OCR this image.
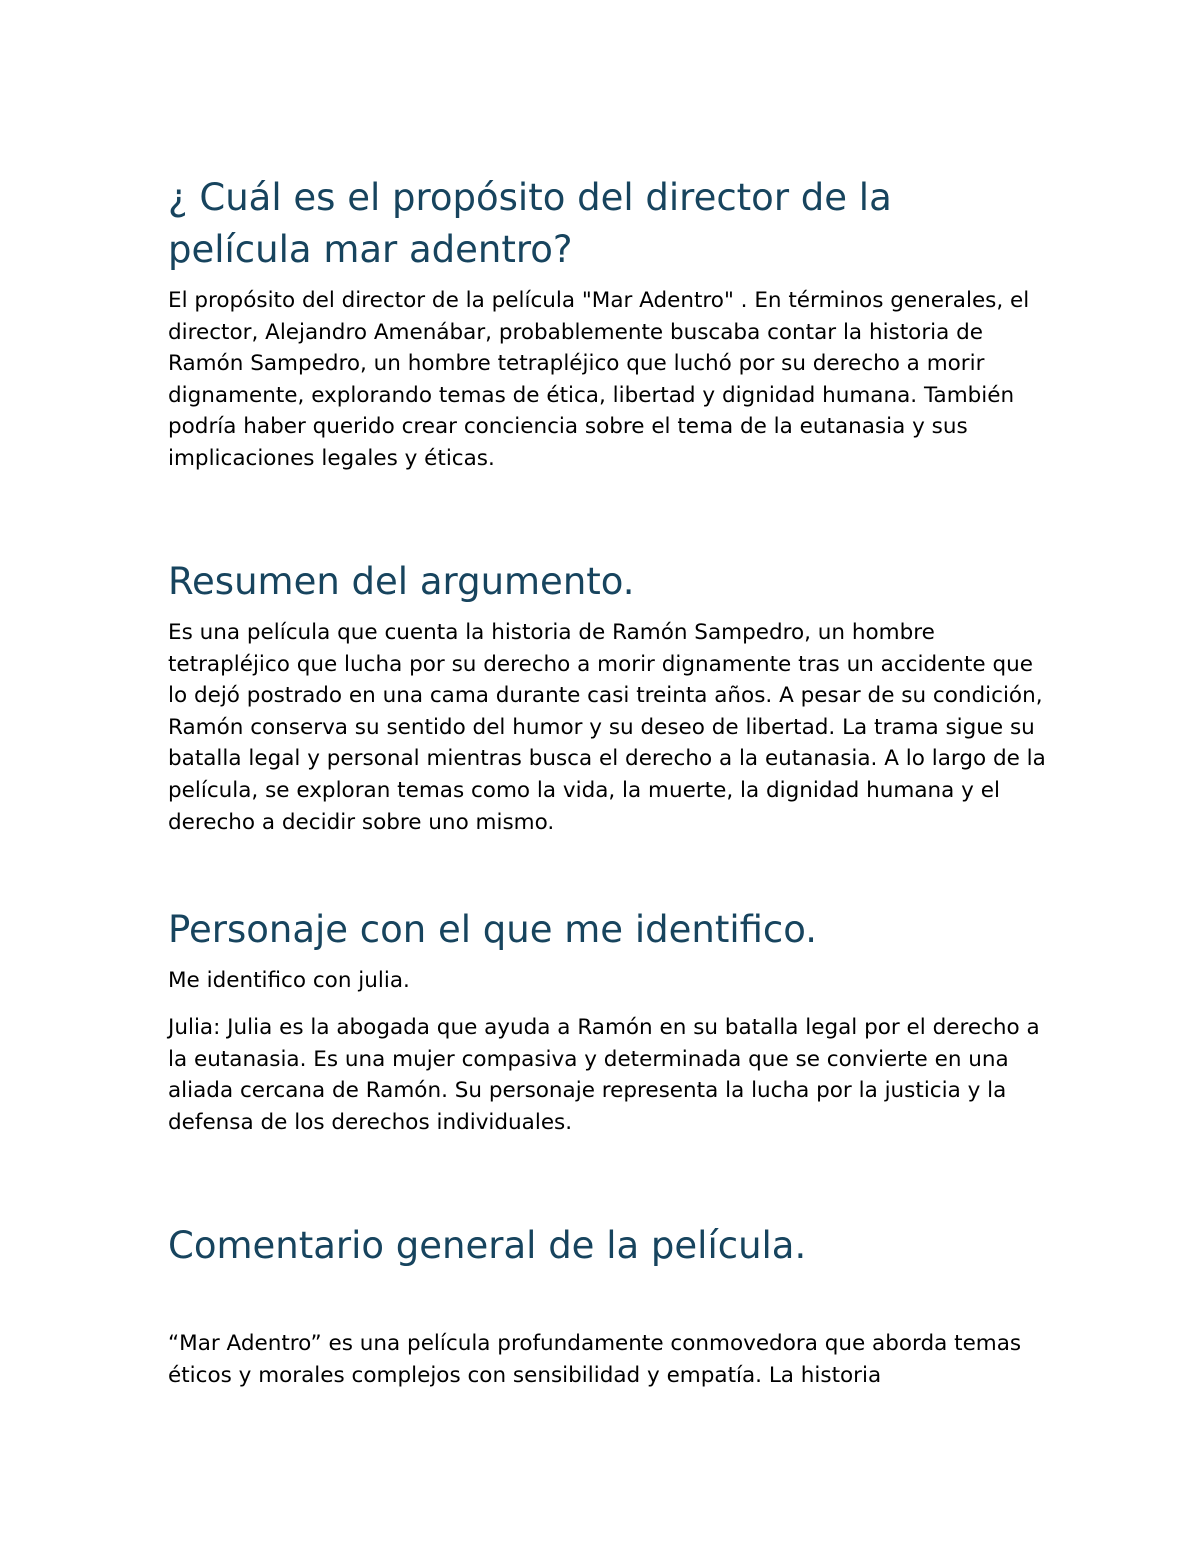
¿ Cuál es el propósito del director de la película mar adentro?

El propósito del director de la película "Mar Adentro" . En términos generales, el director, Alejandro Amenábar, probablemente buscaba contar la historia de Ramón Sampedro, un hombre tetrapléjico que luchó por su derecho a morir dignamente, explorando temas de ética, libertad y dignidad humana. También podría haber querido crear conciencia sobre el tema de la eutanasia y sus implicaciones legales y éticas.

Resumen del argumento.

Es una película que cuenta la historia de Ramón Sampedro, un hombre tetrapléjico que lucha por su derecho a morir dignamente tras un accidente que lo dejó postrado en una cama durante casi treinta años. A pesar de su condición, Ramón conserva su sentido del humor y su deseo de libertad. La trama sigue su batalla legal y personal mientras busca el derecho a la eutanasia. A lo largo de la película, se exploran temas como la vida, la muerte, la dignidad humana y el derecho a decidir sobre uno mismo.

Personaje con el que me identifico.

Me identifico con julia.

Julia: Julia es la abogada que ayuda a Ramón en su batalla legal por el derecho a la eutanasia. Es una mujer compasiva y determinada que se convierte en una aliada cercana de Ramón. Su personaje representa la lucha por la justicia y la defensa de los derechos individuales.

Comentario general de la película.

“Mar Adentro” es una película profundamente conmovedora que aborda temas éticos y morales complejos con sensibilidad y empatía. La historia
